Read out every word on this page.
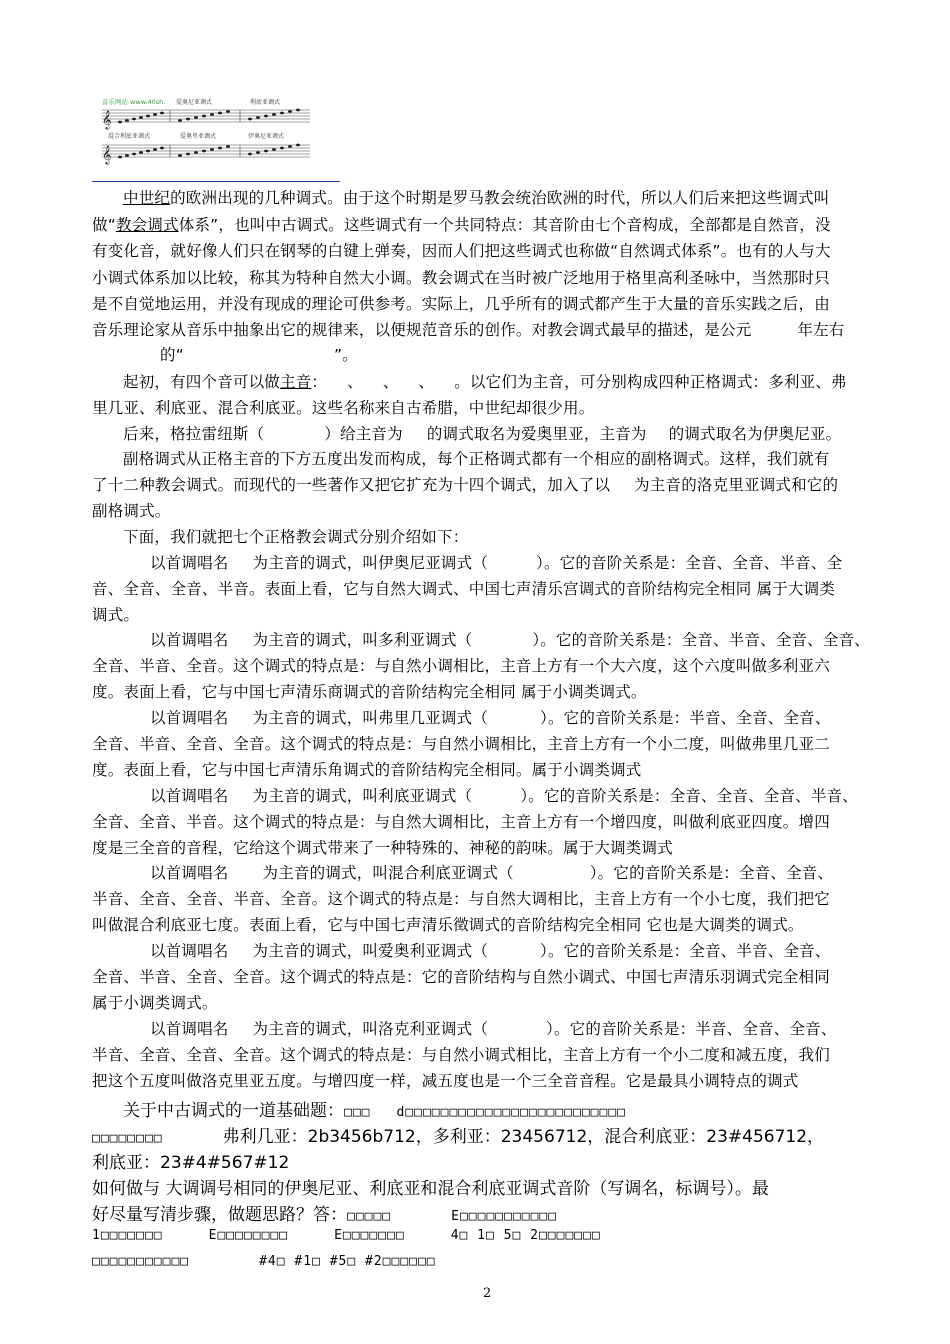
音乐网站 www.40sh. 爱奥尼亚调式	利底亚调式
𝄞
混合利底亚调式	爱奥里亚调式	伊奥尼亚调式
𝄞
中世纪的欧洲出现的几种调式。由于这个时期是罗马教会统治欧洲的时代，所以人们后来把这些调式叫
做“教会调式体系”，也叫中古调式。这些调式有一个共同特点：其音阶由七个音构成，全部都是自然音，没
有变化音，就好像人们只在钢琴的白键上弹奏，因而人们把这些调式也称做“自然调式体系”。也有的人与大
小调式体系加以比较，称其为特种自然大小调。教会调式在当时被广泛地用于格里高利圣咏中，当然那时只
是不自觉地运用，并没有现成的理论可供参考。实际上，几乎所有的调式都产生于大量的音乐实践之后，由
音乐理论家从音乐中抽象出它的规律来，以便规范音乐的创作。对教会调式最早的描述，是公元	年左右
的“	”。
起初，有四个音可以做主音： 、 、 、 。以它们为主音，可分别构成四种正格调式：多利亚、弗
里几亚、利底亚、混合利底亚。这些名称来自古希腊，中世纪却很少用。
后来，格拉雷纽斯（	）给主音为 的调式取名为爱奥里亚，主音为 的调式取名为伊奥尼亚。
副格调式从正格主音的下方五度出发而构成，每个正格调式都有一个相应的副格调式。这样，我们就有
了十二种教会调式。而现代的一些著作又把它扩充为十四个调式，加入了以 为主音的洛克里亚调式和它的
副格调式。
下面，我们就把七个正格教会调式分别介绍如下：
以首调唱名 为主音的调式，叫伊奥尼亚调式（	）。它的音阶关系是：全音、全音、半音、全
音、全音、全音、半音。表面上看，它与自然大调式、中国七声清乐宫调式的音阶结构完全相同 属于大调类
调式。
以首调唱名 为主音的调式，叫多利亚调式（	）。它的音阶关系是：全音、半音、全音、全音、
全音、半音、全音。这个调式的特点是：与自然小调相比，主音上方有一个大六度，这个六度叫做多利亚六
度。表面上看，它与中国七声清乐商调式的音阶结构完全相同 属于小调类调式。
以首调唱名 为主音的调式，叫弗里几亚调式（	）。它的音阶关系是：半音、全音、全音、
全音、半音、全音、全音。这个调式的特点是：与自然小调相比，主音上方有一个小二度，叫做弗里几亚二
度。表面上看，它与中国七声清乐角调式的音阶结构完全相同。属于小调类调式
以首调唱名 为主音的调式，叫利底亚调式（	）。它的音阶关系是：全音、全音、全音、半音、
全音、全音、半音。这个调式的特点是：与自然大调相比，主音上方有一个增四度，叫做利底亚四度。增四
度是三全音的音程，它给这个调式带来了一种特殊的、神秘的韵味。属于大调类调式
以首调唱名 为主音的调式，叫混合利底亚调式（	）。它的音阶关系是：全音、全音、
半音、全音、全音、半音、全音。这个调式的特点是：与自然大调相比，主音上方有一个小七度，我们把它
叫做混合利底亚七度。表面上看，它与中国七声清乐徵调式的音阶结构完全相同 它也是大调类的调式。
以首调唱名 为主音的调式，叫爱奥利亚调式（	）。它的音阶关系是：全音、半音、全音、
全音、半音、全音、全音。这个调式的特点是：它的音阶结构与自然小调式、中国七声清乐羽调式完全相同
属于小调类调式。
以首调唱名 为主音的调式，叫洛克利亚调式（	）。它的音阶关系是：半音、全音、全音、
半音、全音、全音、全音。这个调式的特点是：与自然小调式相比，主音上方有一个小二度和减五度，我们
把这个五度叫做洛克里亚五度。与增四度一样，减五度也是一个三全音音程。它是最具小调特点的调式
关于中古调式的一道基础题：□□□ d□□□□□□□□□□□□□□□□□□□□□□□□□
□□□□□□□□	弗利几亚：2b3456b712，多利亚：23456712，混合利底亚：23#456712，
利底亚：23#4#567#12
如何做与 大调调号相同的伊奥尼亚、利底亚和混合利底亚调式音阶（写调名，标调号）。最
好尽量写清步骤，做题思路？答：□□□□□	E□□□□□□□□□□□
1□□□□□□□	E□□□□□□□□	E□□□□□□□	4□ 1□ 5□ 2□□□□□□□
□□□□□□□□□□□	#4□ #1□ #5□ #2□□□□□□
2
